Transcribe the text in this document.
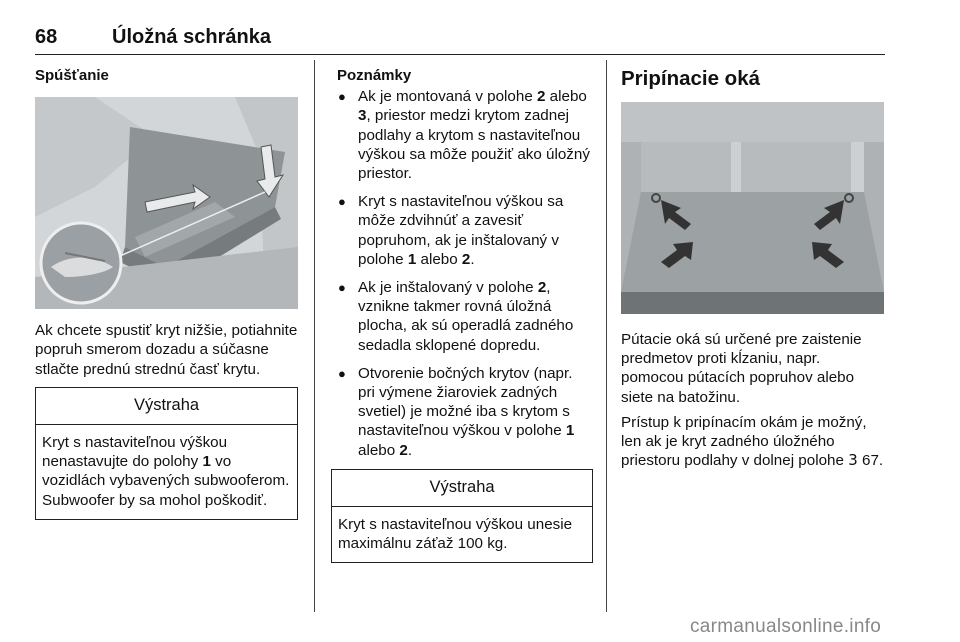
68	Úložná schránka
Spúšťanie

Ak chcete spustiť kryt nižšie, potiahnite popruh smerom dozadu a súčasne stlačte prednú strednú časť krytu.

Výstraha
Kryt s nastaviteľnou výškou nenastavujte do polohy 1 vo vozidlách vybavených subwooferom. Subwoofer by sa mohol poškodiť.
Poznámky
● Ak je montovaná v polohe 2 alebo 3, priestor medzi krytom zadnej podlahy a krytom s nastaviteľnou výškou sa môže použiť ako úložný priestor.
● Kryt s nastaviteľnou výškou sa môže zdvihnúť a zavesiť popruhom, ak je inštalovaný v polohe 1 alebo 2.
● Ak je inštalovaný v polohe 2, vznikne takmer rovná úložná plocha, ak sú operadlá zadného sedadla sklopené dopredu.
● Otvorenie bočných krytov (napr. pri výmene žiaroviek zadných svetiel) je možné iba s krytom s nastaviteľnou výškou v polohe 1 alebo 2.
Výstraha
Kryt s nastaviteľnou výškou unesie maximálnu záťaž 100 kg.
Pripínacie oká

Pútacie oká sú určené pre zaistenie predmetov proti kĺzaniu, napr. pomocou pútacích popruhov alebo siete na batožinu.

Prístup k pripínacím okám je možný, len ak je kryt zadného úložného priestoru podlahy v dolnej polohe 3 67.

carmanualsonline.info
